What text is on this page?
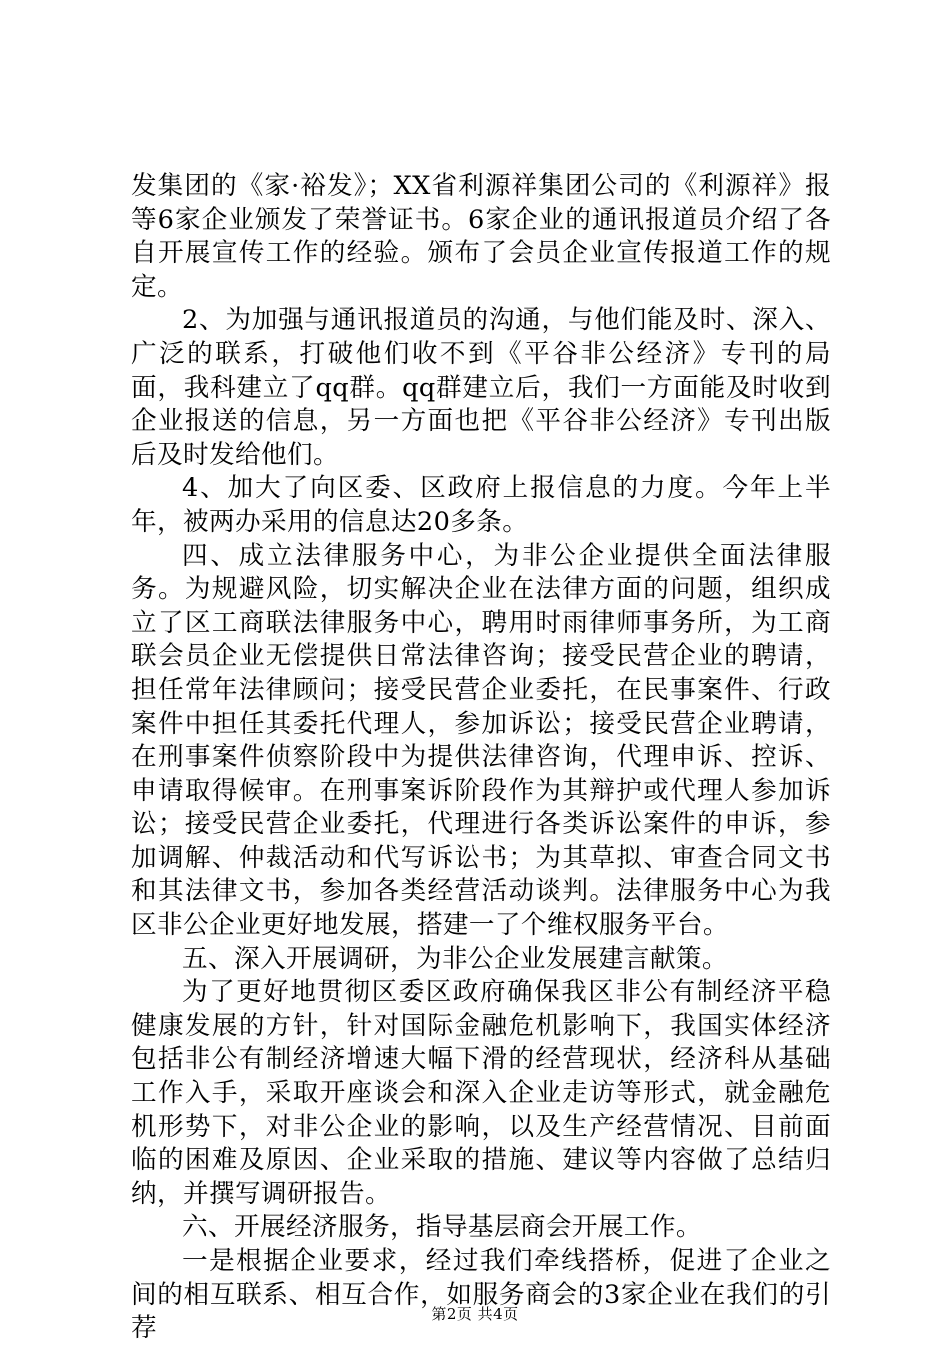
发集团的《家·裕发》；XX省利源祥集团公司的《利源祥》报等6家企业颁发了荣誉证书。6家企业的通讯报道员介绍了各自开展宣传工作的经验。颁布了会员企业宣传报道工作的规定。

2、为加强与通讯报道员的沟通，与他们能及时、深入、广泛的联系，打破他们收不到《平谷非公经济》专刊的局面，我科建立了qq群。qq群建立后，我们一方面能及时收到企业报送的信息，另一方面也把《平谷非公经济》专刊出版后及时发给他们。

4、加大了向区委、区政府上报信息的力度。今年上半年，被两办采用的信息达20多条。

四、成立法律服务中心，为非公企业提供全面法律服务。为规避风险，切实解决企业在法律方面的问题，组织成立了区工商联法律服务中心，聘用时雨律师事务所，为工商联会员企业无偿提供日常法律咨询；接受民营企业的聘请，担任常年法律顾问；接受民营企业委托，在民事案件、行政案件中担任其委托代理人，参加诉讼；接受民营企业聘请，在刑事案件侦察阶段中为提供法律咨询，代理申诉、控诉、申请取得候审。在刑事案诉阶段作为其辩护或代理人参加诉讼；接受民营企业委托，代理进行各类诉讼案件的申诉，参加调解、仲裁活动和代写诉讼书；为其草拟、审查合同文书和其法律文书，参加各类经营活动谈判。法律服务中心为我区非公企业更好地发展，搭建一了个维权服务平台。

五、深入开展调研，为非公企业发展建言献策。

为了更好地贯彻区委区政府确保我区非公有制经济平稳健康发展的方针，针对国际金融危机影响下，我国实体经济包括非公有制经济增速大幅下滑的经营现状，经济科从基础工作入手，采取开座谈会和深入企业走访等形式，就金融危机形势下，对非公企业的影响，以及生产经营情况、目前面临的困难及原因、企业采取的措施、建议等内容做了总结归纳，并撰写调研报告。

六、开展经济服务，指导基层商会开展工作。

一是根据企业要求，经过我们牵线搭桥，促进了企业之间的相互联系、相互合作，如服务商会的3家企业在我们的引荐	第2页 共4页
